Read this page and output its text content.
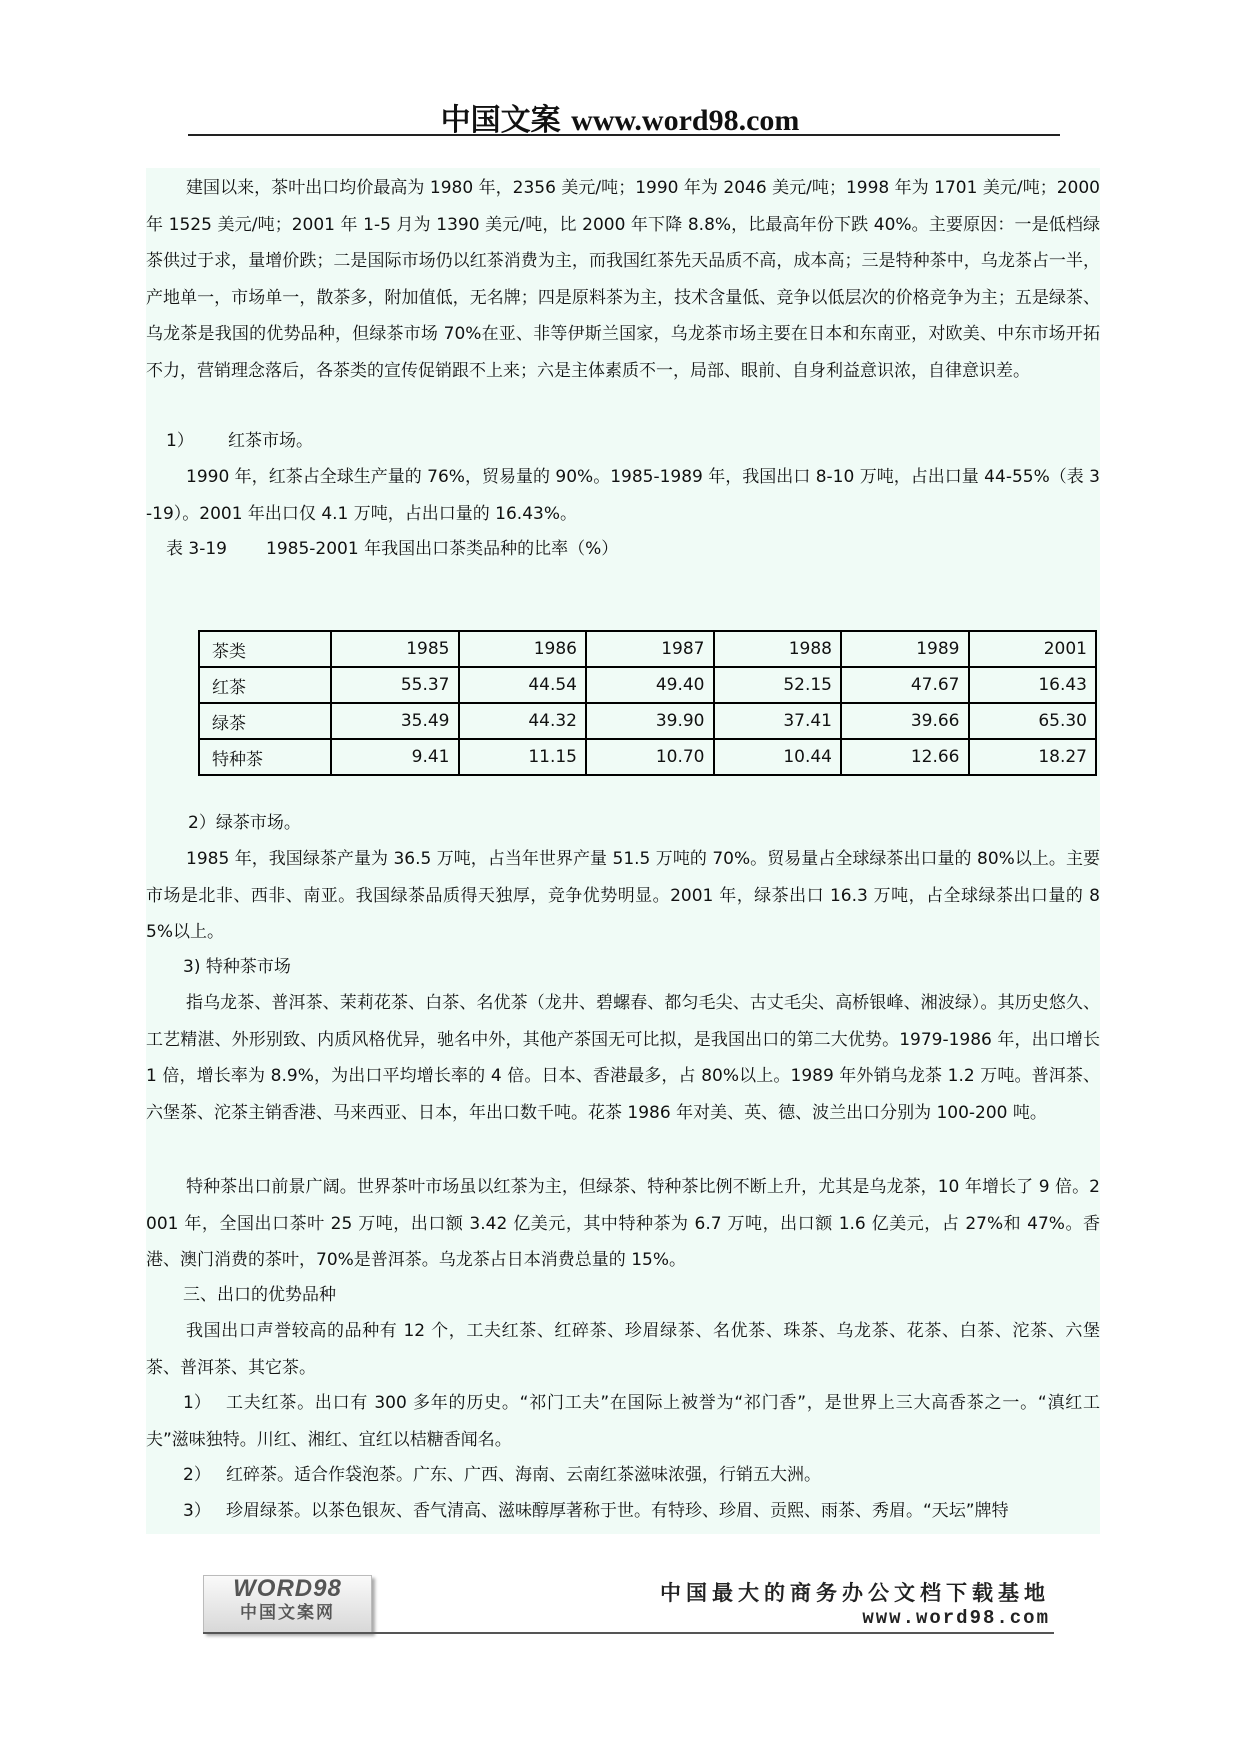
中国文案 www.word98.com
建国以来，茶叶出口均价最高为 1980 年，2356 美元/吨；1990 年为 2046 美元/吨；1998 年为 1701 美元/吨；2000 年 1525 美元/吨；2001 年 1-5 月为 1390 美元/吨，比 2000 年下降 8.8%，比最高年份下跌 40%。主要原因：一是低档绿茶供过于求，量增价跌；二是国际市场仍以红茶消费为主，而我国红茶先天品质不高，成本高；三是特种茶中，乌龙茶占一半，产地单一，市场单一，散茶多，附加值低，无名牌；四是原料茶为主，技术含量低、竞争以低层次的价格竞争为主；五是绿茶、乌龙茶是我国的优势品种，但绿茶市场 70%在亚、非等伊斯兰国家，乌龙茶市场主要在日本和东南亚，对欧美、中东市场开拓不力，营销理念落后，各茶类的宣传促销跟不上来；六是主体素质不一，局部、眼前、自身利益意识浓，自律意识差。
1） 红茶市场。
1990 年，红茶占全球生产量的 76%，贸易量的 90%。1985-1989 年，我国出口 8-10 万吨，占出口量 44-55%（表 3-19）。2001 年出口仅 4.1 万吨，占出口量的 16.43%。
表 3-19 1985-2001 年我国出口茶类品种的比率（%）
茶类	1985	1986	1987	1988	1989	2001
红茶	55.37	44.54	49.40	52.15	47.67	16.43
绿茶	35.49	44.32	39.90	37.41	39.66	65.30
特种茶	9.41	11.15	10.70	10.44	12.66	18.27
2）绿茶市场。
1985 年，我国绿茶产量为 36.5 万吨，占当年世界产量 51.5 万吨的 70%。贸易量占全球绿茶出口量的 80%以上。主要市场是北非、西非、南亚。我国绿茶品质得天独厚，竞争优势明显。2001 年，绿茶出口 16.3 万吨，占全球绿茶出口量的 85%以上。
3) 特种茶市场
指乌龙茶、普洱茶、茉莉花茶、白茶、名优茶（龙井、碧螺春、都匀毛尖、古丈毛尖、高桥银峰、湘波绿）。其历史悠久、工艺精湛、外形别致、内质风格优异，驰名中外，其他产茶国无可比拟，是我国出口的第二大优势。1979-1986 年，出口增长 1 倍，增长率为 8.9%，为出口平均增长率的 4 倍。日本、香港最多，占 80%以上。1989 年外销乌龙茶 1.2 万吨。普洱茶、六堡茶、沱茶主销香港、马来西亚、日本，年出口数千吨。花茶 1986 年对美、英、德、波兰出口分别为 100-200 吨。
特种茶出口前景广阔。世界茶叶市场虽以红茶为主，但绿茶、特种茶比例不断上升，尤其是乌龙茶，10 年增长了 9 倍。2001 年，全国出口茶叶 25 万吨，出口额 3.42 亿美元，其中特种茶为 6.7 万吨，出口额 1.6 亿美元，占 27%和 47%。香港、澳门消费的茶叶，70%是普洱茶。乌龙茶占日本消费总量的 15%。
三、出口的优势品种
我国出口声誉较高的品种有 12 个，工夫红茶、红碎茶、珍眉绿茶、名优茶、珠茶、乌龙茶、花茶、白茶、沱茶、六堡茶、普洱茶、其它茶。
1） 工夫红茶。出口有 300 多年的历史。“祁门工夫”在国际上被誉为“祁门香”，是世界上三大高香茶之一。“滇红工夫”滋味独特。川红、湘红、宜红以桔糖香闻名。
2） 红碎茶。适合作袋泡茶。广东、广西、海南、云南红茶滋味浓强，行销五大洲。
3） 珍眉绿茶。以茶色银灰、香气清高、滋味醇厚著称于世。有特珍、珍眉、贡熙、雨茶、秀眉。“天坛”牌特
WORD98
中国文案网
中国最大的商务办公文档下载基地
www.word98.com
